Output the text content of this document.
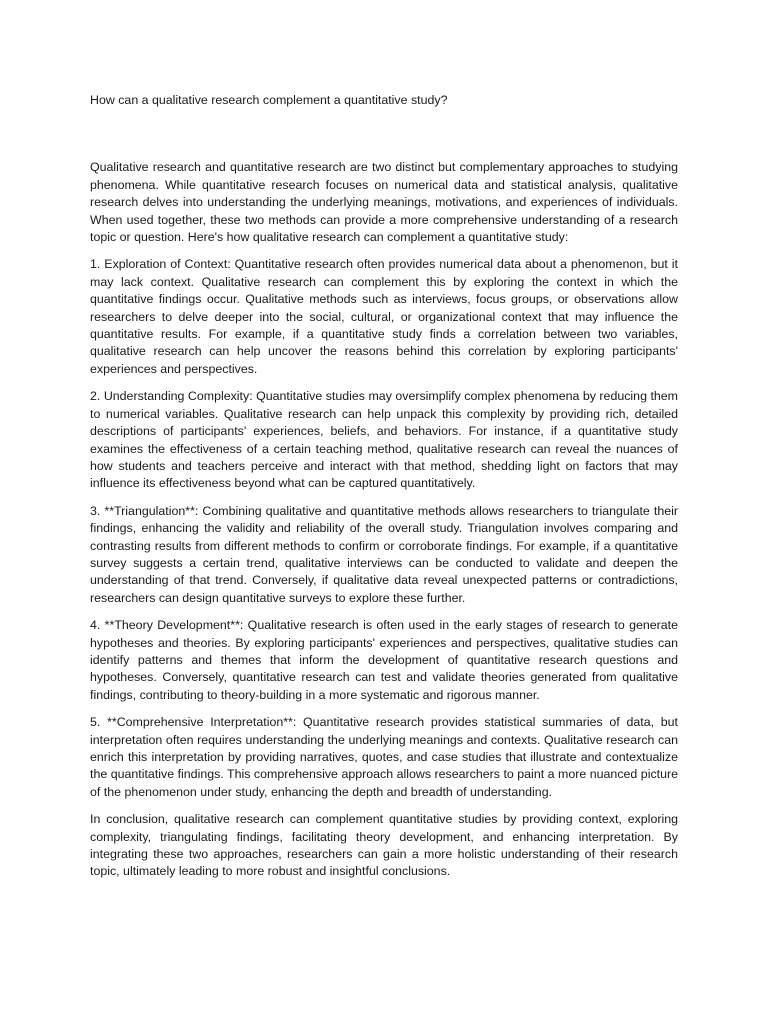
How can a qualitative research complement a quantitative study?

Qualitative research and quantitative research are two distinct but complementary approaches to studying phenomena. While quantitative research focuses on numerical data and statistical analysis, qualitative research delves into understanding the underlying meanings, motivations, and experiences of individuals. When used together, these two methods can provide a more comprehensive understanding of a research topic or question. Here's how qualitative research can complement a quantitative study:

1. Exploration of Context: Quantitative research often provides numerical data about a phenomenon, but it may lack context. Qualitative research can complement this by exploring the context in which the quantitative findings occur. Qualitative methods such as interviews, focus groups, or observations allow researchers to delve deeper into the social, cultural, or organizational context that may influence the quantitative results. For example, if a quantitative study finds a correlation between two variables, qualitative research can help uncover the reasons behind this correlation by exploring participants' experiences and perspectives.

2. Understanding Complexity: Quantitative studies may oversimplify complex phenomena by reducing them to numerical variables. Qualitative research can help unpack this complexity by providing rich, detailed descriptions of participants' experiences, beliefs, and behaviors. For instance, if a quantitative study examines the effectiveness of a certain teaching method, qualitative research can reveal the nuances of how students and teachers perceive and interact with that method, shedding light on factors that may influence its effectiveness beyond what can be captured quantitatively.

3. **Triangulation**: Combining qualitative and quantitative methods allows researchers to triangulate their findings, enhancing the validity and reliability of the overall study. Triangulation involves comparing and contrasting results from different methods to confirm or corroborate findings. For example, if a quantitative survey suggests a certain trend, qualitative interviews can be conducted to validate and deepen the understanding of that trend. Conversely, if qualitative data reveal unexpected patterns or contradictions, researchers can design quantitative surveys to explore these further.

4. **Theory Development**: Qualitative research is often used in the early stages of research to generate hypotheses and theories. By exploring participants' experiences and perspectives, qualitative studies can identify patterns and themes that inform the development of quantitative research questions and hypotheses. Conversely, quantitative research can test and validate theories generated from qualitative findings, contributing to theory-building in a more systematic and rigorous manner.

5. **Comprehensive Interpretation**: Quantitative research provides statistical summaries of data, but interpretation often requires understanding the underlying meanings and contexts. Qualitative research can enrich this interpretation by providing narratives, quotes, and case studies that illustrate and contextualize the quantitative findings. This comprehensive approach allows researchers to paint a more nuanced picture of the phenomenon under study, enhancing the depth and breadth of understanding.

In conclusion, qualitative research can complement quantitative studies by providing context, exploring complexity, triangulating findings, facilitating theory development, and enhancing interpretation. By integrating these two approaches, researchers can gain a more holistic understanding of their research topic, ultimately leading to more robust and insightful conclusions.
